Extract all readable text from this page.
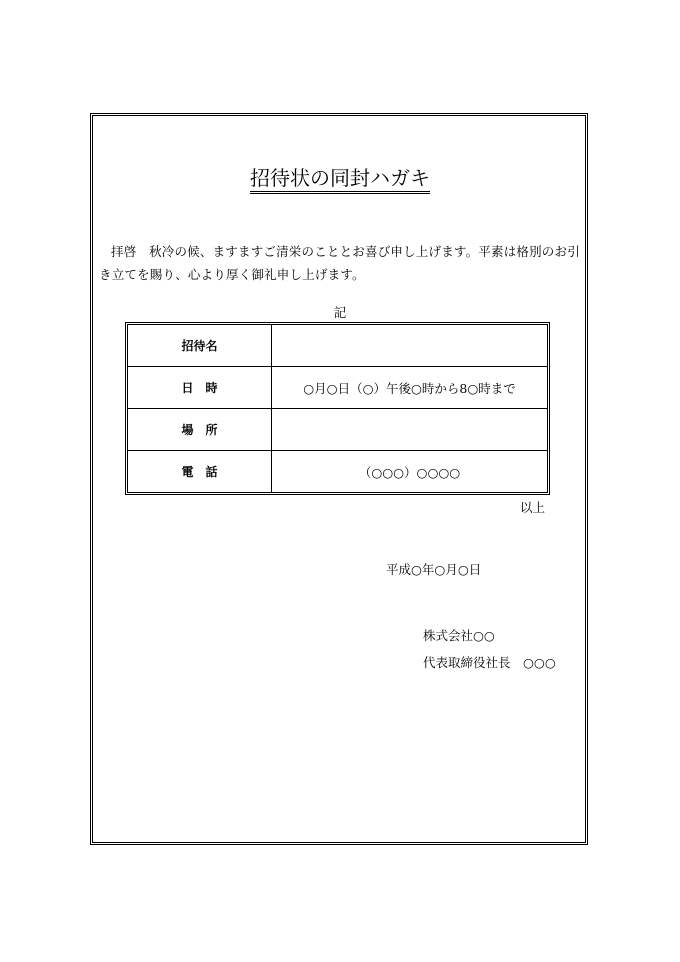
招待状の同封ハガキ
拝啓　秋冷の候、ますますご清栄のこととお喜び申し上げます。平素は格別のお引き立てを賜り、心より厚く御礼申し上げます。
記
招待名	
日　時	○月○日（○）午後○時から8○時まで
場　所	
電　話	（○○○）○○○○
以上
平成○年○月○日
株式会社○○
代表取締役社長　○○○
